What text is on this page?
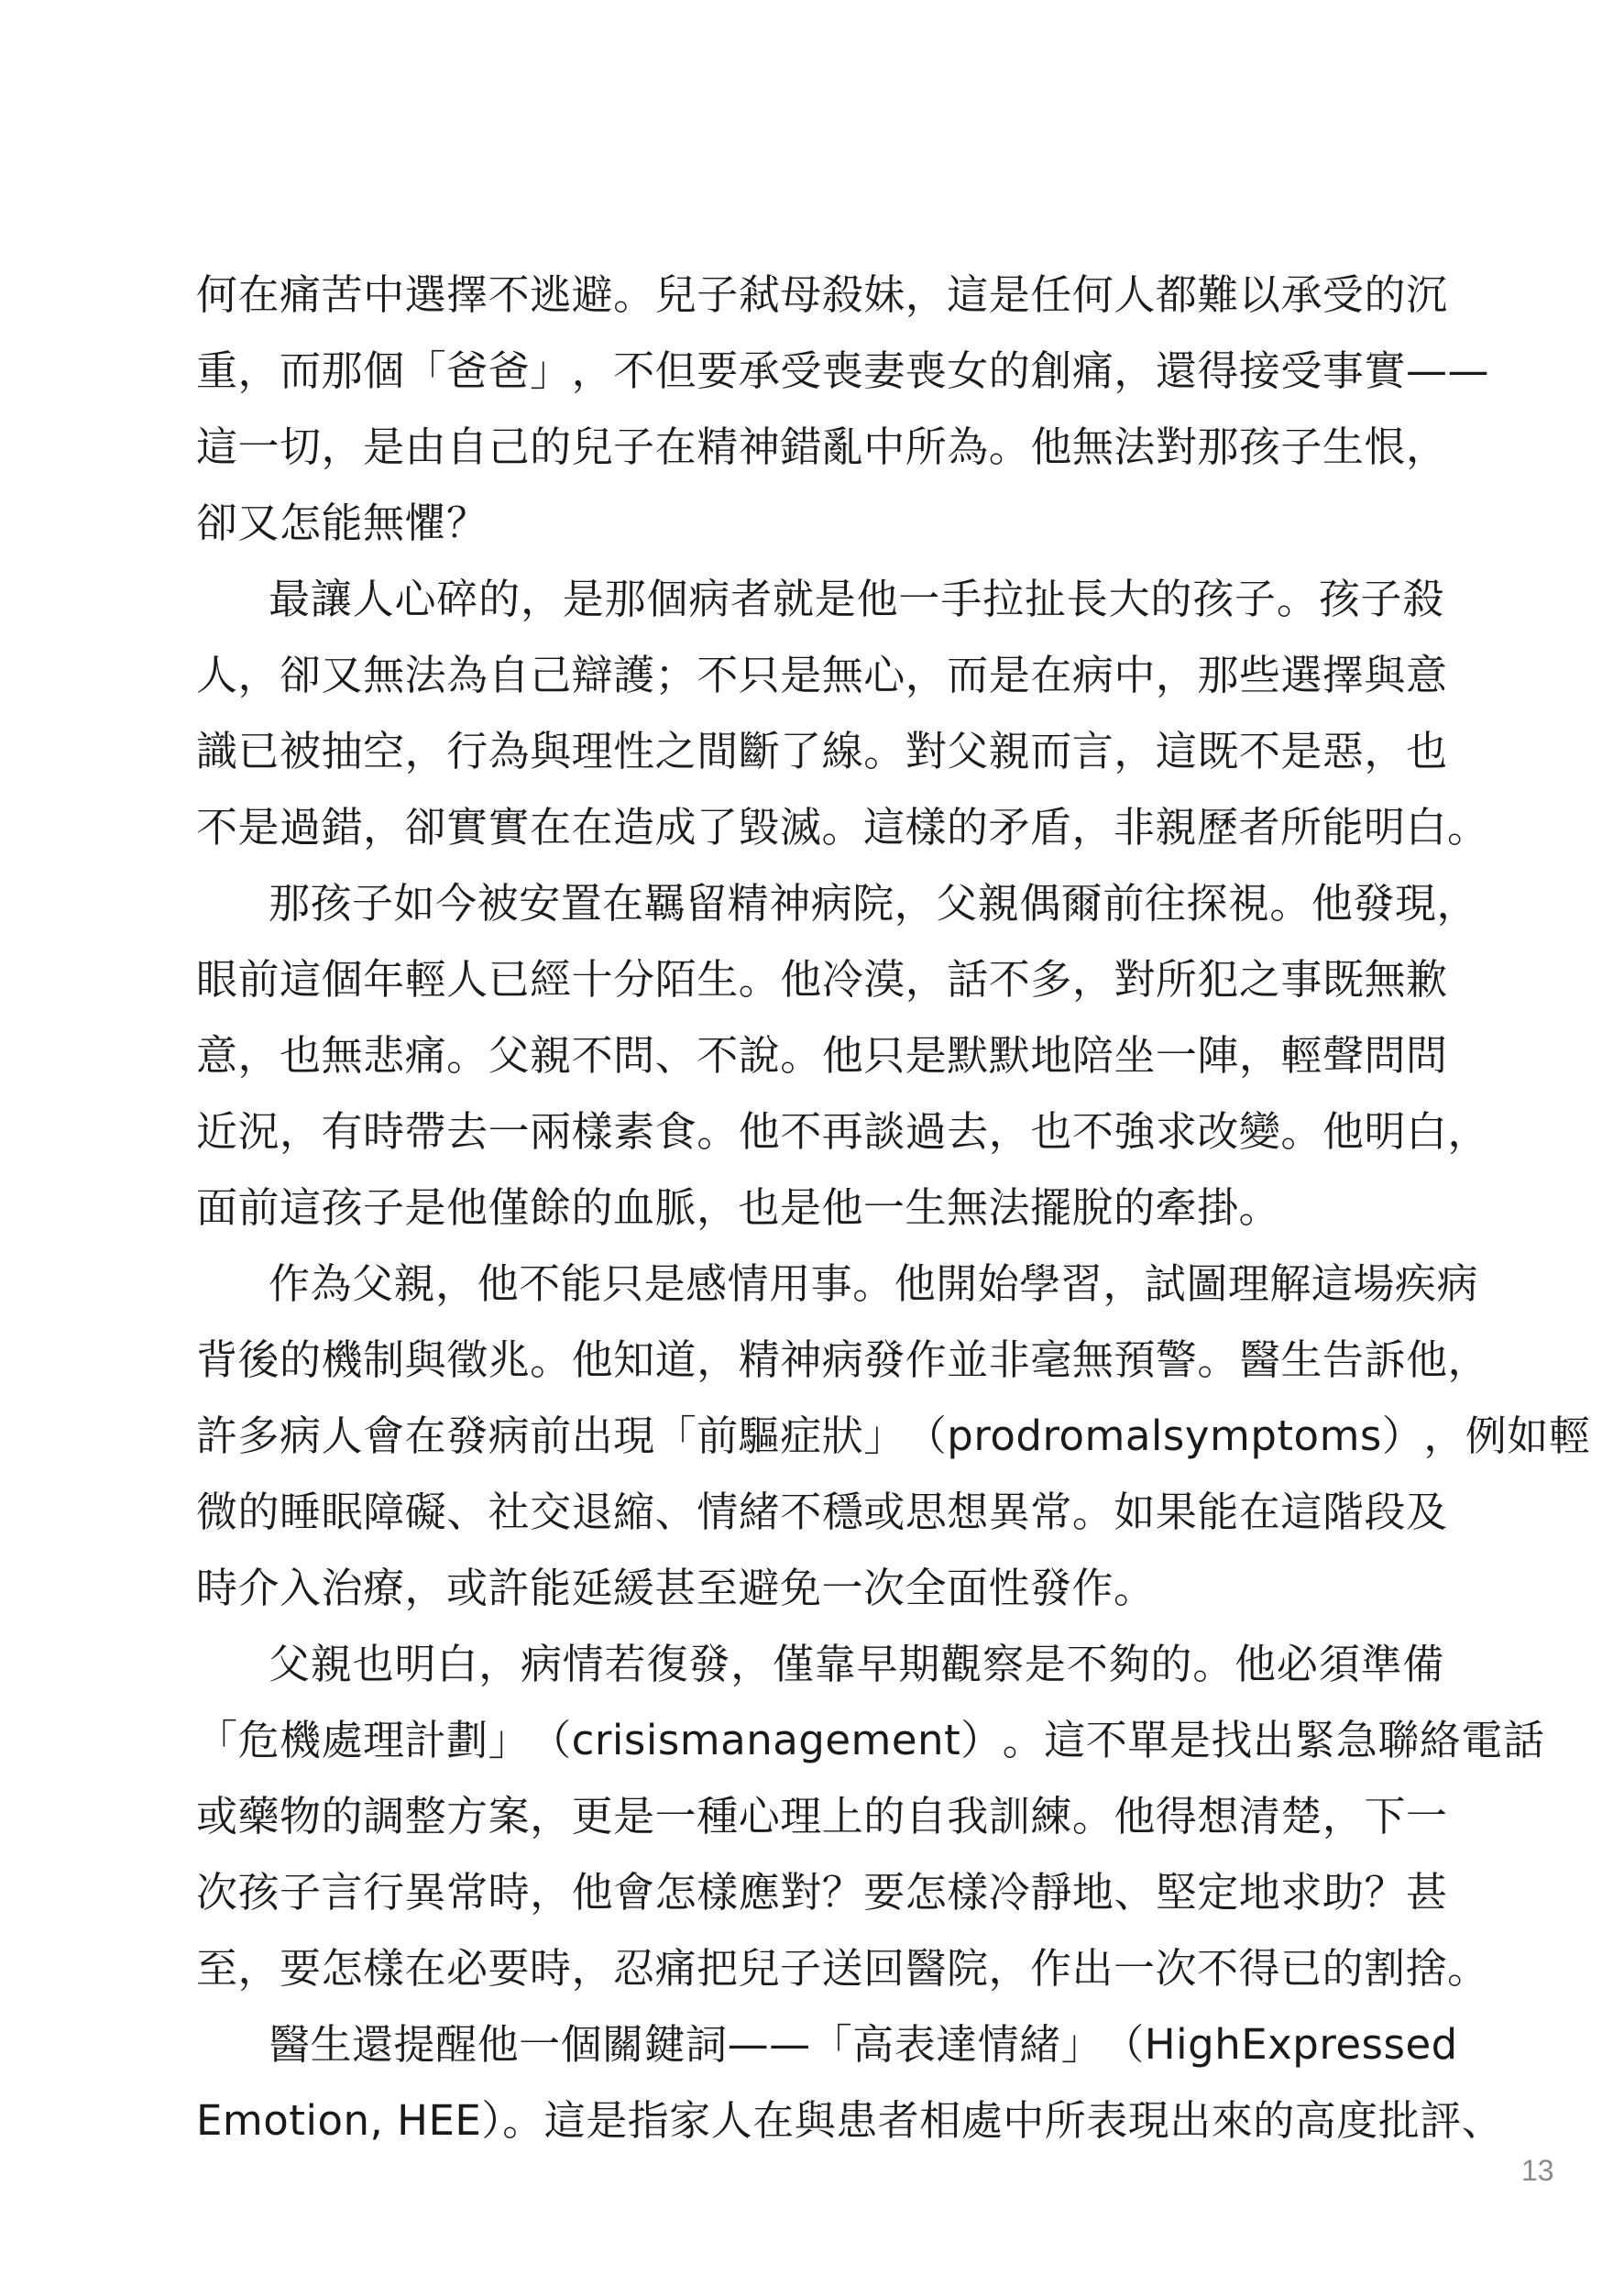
何 在 痛 苦 中 選 擇 不 逃 避 。 兒 子 弒 母 殺 妹 ， 這 是 任 何 人 都 難 以 承 受 的 沉
重 ， 而 那 個 「 爸 爸 」 ， 不 但 要 承 受 喪 妻 喪 女 的 創 痛 ， 還 得 接 受 事 實 — —
這 一 切 ， 是 由 自 己 的 兒 子 在 精 神 錯 亂 中 所 為 。 他 無 法 對 那 孩 子 生 恨 ，
卻又怎能無懼？
最 讓 人 心 碎 的 ， 是 那 個 病 者 就 是 他 一 手 拉 扯 長 大 的 孩 子 。 孩 子 殺
人 ， 卻 又 無 法 為 自 己 辯 護 ； 不 只 是 無 心 ， 而 是 在 病 中 ， 那 些 選 擇 與 意
識 已 被 抽 空 ， 行 為 與 理 性 之 間 斷 了 線 。 對 父 親 而 言 ， 這 既 不 是 惡 ， 也
不是過錯，卻實實在在造成了毀滅。這樣的矛盾，非親歷者所能明白。
那 孩 子 如 今 被 安 置 在 羈 留 精 神 病 院 ， 父 親 偶 爾 前 往 探 視 。 他 發 現 ，
眼 前 這 個 年 輕 人 已 經 十 分 陌 生 。 他 冷 漠 ， 話 不 多 ， 對 所 犯 之 事 既 無 歉
意 ， 也 無 悲 痛 。 父 親 不 問 、 不 說 。 他 只 是 默 默 地 陪 坐 一 陣 ， 輕 聲 問 問
近 況 ， 有 時 帶 去 一 兩 樣 素 食 。 他 不 再 談 過 去 ， 也 不 強 求 改 變 。 他 明 白 ，
面前這孩子是他僅餘的血脈，也是他一生無法擺脫的牽掛。
作 為 父 親 ， 他 不 能 只 是 感 情 用 事 。 他 開 始 學 習 ， 試 圖 理 解 這 場 疾 病
背 後 的 機 制 與 徵 兆 。 他 知 道 ， 精 神 病 發 作 並 非 毫 無 預 警 。 醫 生 告 訴 他 ，
許 多 病 人 會 在 發 病 前 出 現 「 前 驅 症 狀 」 （ prodromal symptoms ） ， 例 如 輕
微 的 睡 眠 障 礙 、 社 交 退 縮 、 情 緒 不 穩 或 思 想 異 常 。 如 果 能 在 這 階 段 及
時介入治療，或許能延緩甚至避免一次全面性發作。
父 親 也 明 白 ， 病 情 若 復 發 ， 僅 靠 早 期 觀 察 是 不 夠 的 。 他 必 須 準 備
「 危 機 處 理 計 劃 」 （ crisis management ） 。 這 不 單 是 找 出 緊 急 聯 絡 電 話
或 藥 物 的 調 整 方 案 ， 更 是 一 種 心 理 上 的 自 我 訓 練 。 他 得 想 清 楚 ， 下 一
次 孩 子 言 行 異 常 時 ， 他 會 怎 樣 應 對 ？ 要 怎 樣 冷 靜 地 、 堅 定 地 求 助 ？ 甚
至，要怎樣在必要時，忍痛把兒子送回醫院，作出一次不得已的割捨。
醫 生 還 提 醒 他 一 個 關 鍵 詞 — — 「 高 表 達 情 緒 」 （ High Expressed
Emotion, HEE）。這是指家人在與患者相處中所表現出來的高度批評、
13
